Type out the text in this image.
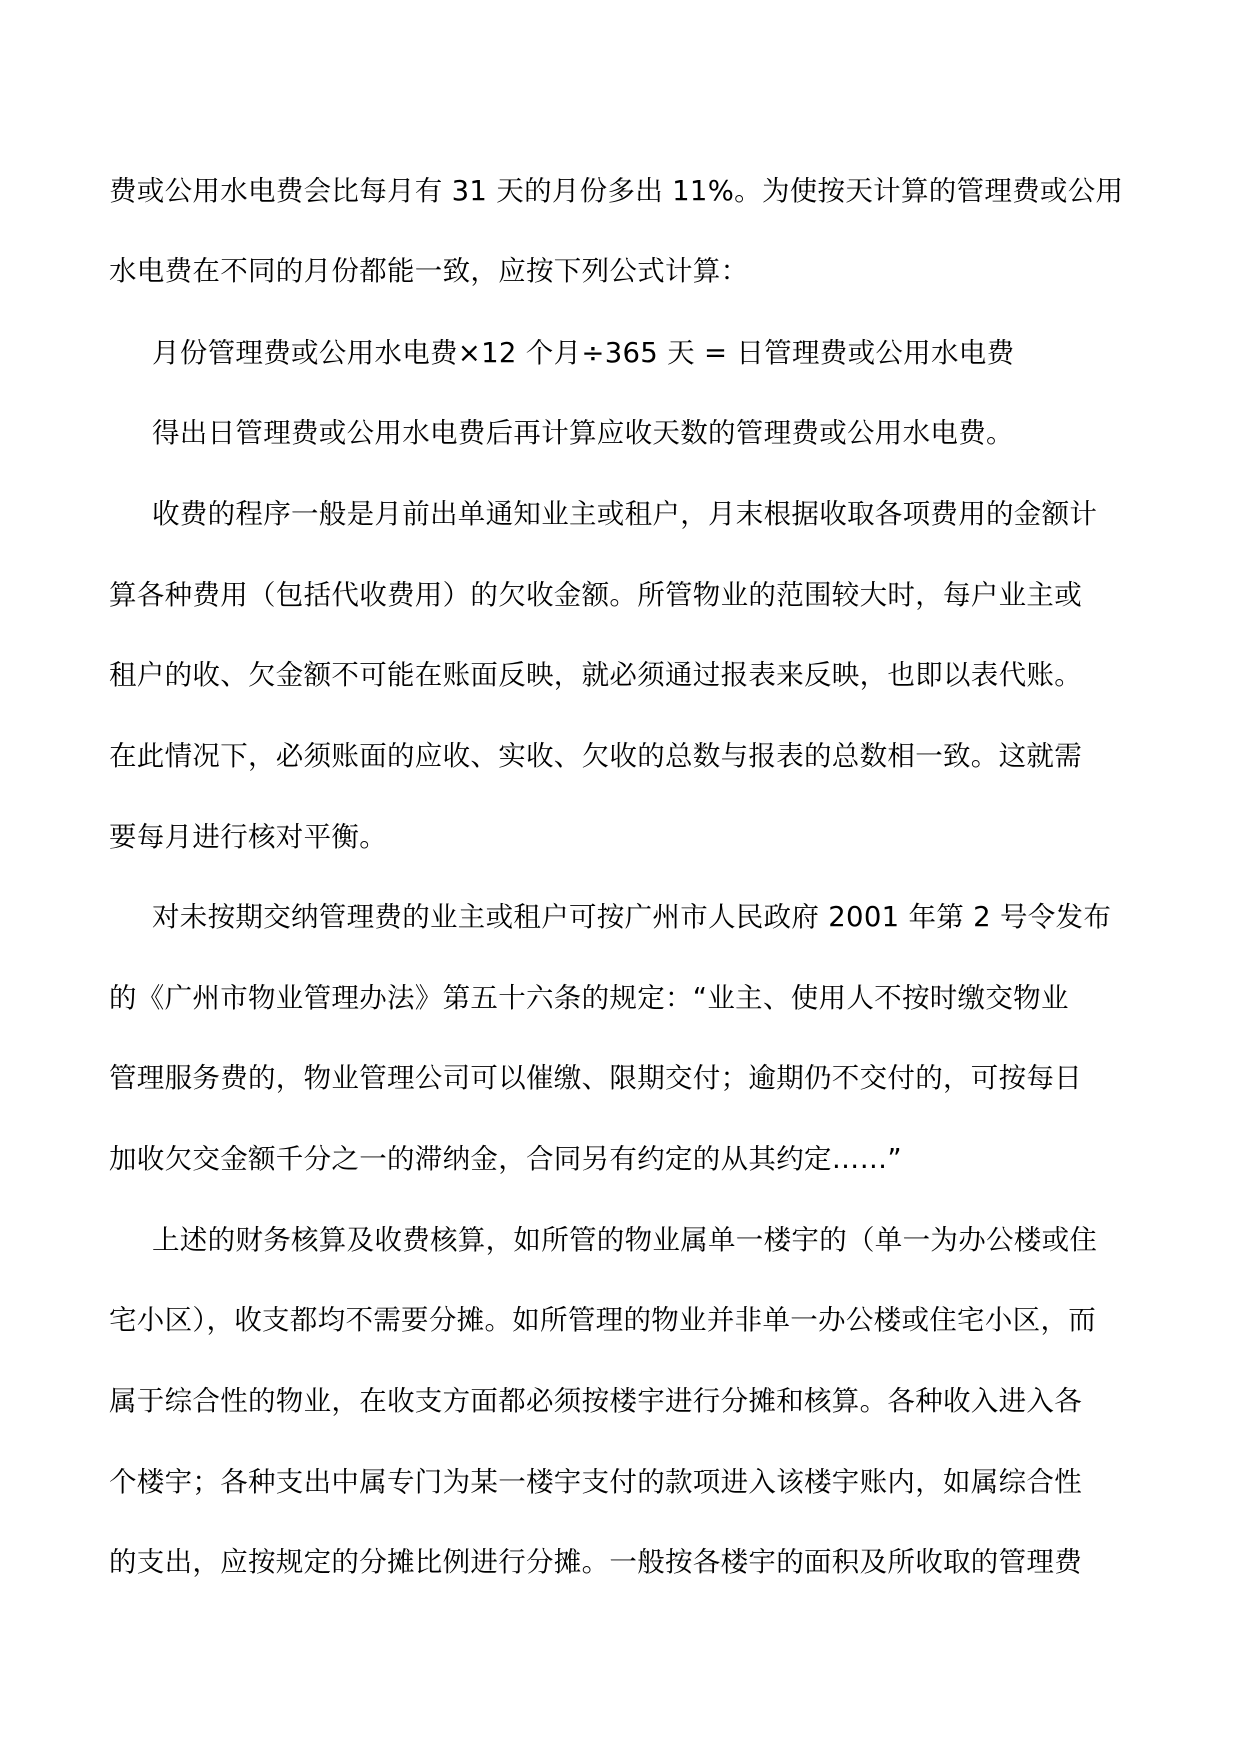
费或公用水电费会比每月有 31 天的月份多出 11%。为使按天计算的管理费或公用
水电费在不同的月份都能一致，应按下列公式计算：
月份管理费或公用水电费×12 个月÷365 天 = 日管理费或公用水电费
得出日管理费或公用水电费后再计算应收天数的管理费或公用水电费。
收费的程序一般是月前出单通知业主或租户，月末根据收取各项费用的金额计
算各种费用（包括代收费用）的欠收金额。所管物业的范围较大时，每户业主或
租户的收、欠金额不可能在账面反映，就必须通过报表来反映，也即以表代账。
在此情况下，必须账面的应收、实收、欠收的总数与报表的总数相一致。这就需
要每月进行核对平衡。
对未按期交纳管理费的业主或租户可按广州市人民政府 2001 年第 2 号令发布
的《广州市物业管理办法》第五十六条的规定：“业主、使用人不按时缴交物业
管理服务费的，物业管理公司可以催缴、限期交付；逾期仍不交付的，可按每日
加收欠交金额千分之一的滞纳金，合同另有约定的从其约定……”
上述的财务核算及收费核算，如所管的物业属单一楼宇的（单一为办公楼或住
宅小区），收支都均不需要分摊。如所管理的物业并非单一办公楼或住宅小区，而
属于综合性的物业，在收支方面都必须按楼宇进行分摊和核算。各种收入进入各
个楼宇；各种支出中属专门为某一楼宇支付的款项进入该楼宇账内，如属综合性
的支出，应按规定的分摊比例进行分摊。一般按各楼宇的面积及所收取的管理费
